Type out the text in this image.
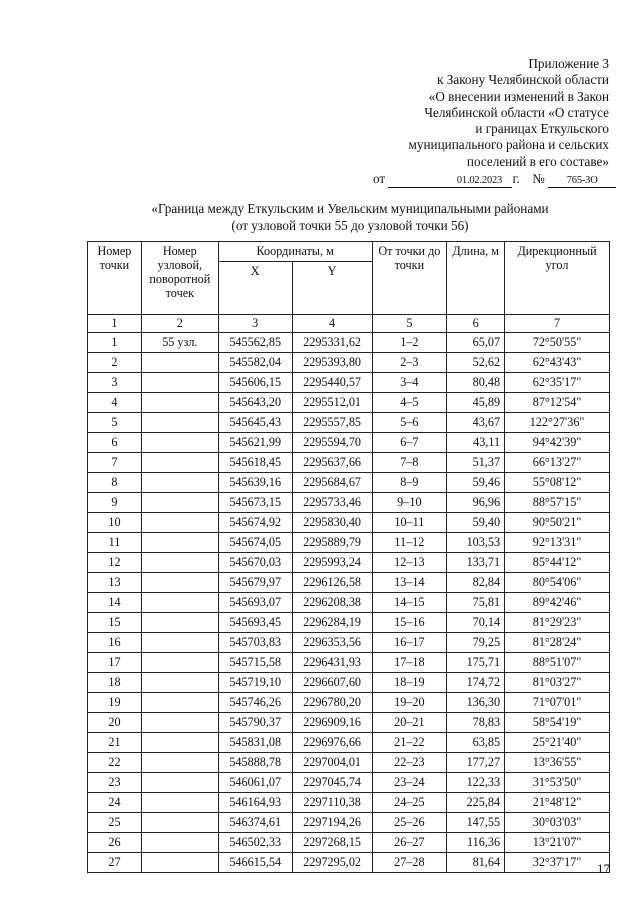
Приложение 3
к Закону Челябинской области
«О внесении изменений в Закон
Челябинской области «О статусе
и границах Еткульского
муниципального района и сельских
поселений в его составе»
от	01.02.2023 г. № 765-ЗО
«Граница между Еткульским и Увельским муниципальными районами
(от узловой точки 55 до узловой точки 56)
Номер точки	Номер узловой, поворотной точек	Координаты, м		От точки до точки	Длина, м	Дирекционный угол
		X	Y			
1	2	3	4	5	6	7
1	55 узл.	545562,85	2295331,62	1–2	65,07	72°50'55"
2		545582,04	2295393,80	2–3	52,62	62°43'43"
3		545606,15	2295440,57	3–4	80,48	62°35'17"
4		545643,20	2295512,01	4–5	45,89	87°12'54"
5		545645,43	2295557,85	5–6	43,67	122°27'36"
6		545621,99	2295594,70	6–7	43,11	94°42'39"
7		545618,45	2295637,66	7–8	51,37	66°13'27"
8		545639,16	2295684,67	8–9	59,46	55°08'12"
9		545673,15	2295733,46	9–10	96,96	88°57'15"
10		545674,92	2295830,40	10–11	59,40	90°50'21"
11		545674,05	2295889,79	11–12	103,53	92°13'31"
12		545670,03	2295993,24	12–13	133,71	85°44'12"
13		545679,97	2296126,58	13–14	82,84	80°54'06"
14		545693,07	2296208,38	14–15	75,81	89°42'46"
15		545693,45	2296284,19	15–16	70,14	81°29'23"
16		545703,83	2296353,56	16–17	79,25	81°28'24"
17		545715,58	2296431,93	17–18	175,71	88°51'07"
18		545719,10	2296607,60	18–19	174,72	81°03'27"
19		545746,26	2296780,20	19–20	136,30	71°07'01"
20		545790,37	2296909,16	20–21	78,83	58°54'19"
21		545831,08	2296976,66	21–22	63,85	25°21'40"
22		545888,78	2297004,01	22–23	177,27	13°36'55"
23		546061,07	2297045,74	23–24	122,33	31°53'50"
24		546164,93	2297110,38	24–25	225,84	21°48'12"
25		546374,61	2297194,26	25–26	147,55	30°03'03"
26		546502,33	2297268,15	26–27	116,36	13°21'07"
27		546615,54	2297295,02	27–28	81,64	32°37'17" 17
